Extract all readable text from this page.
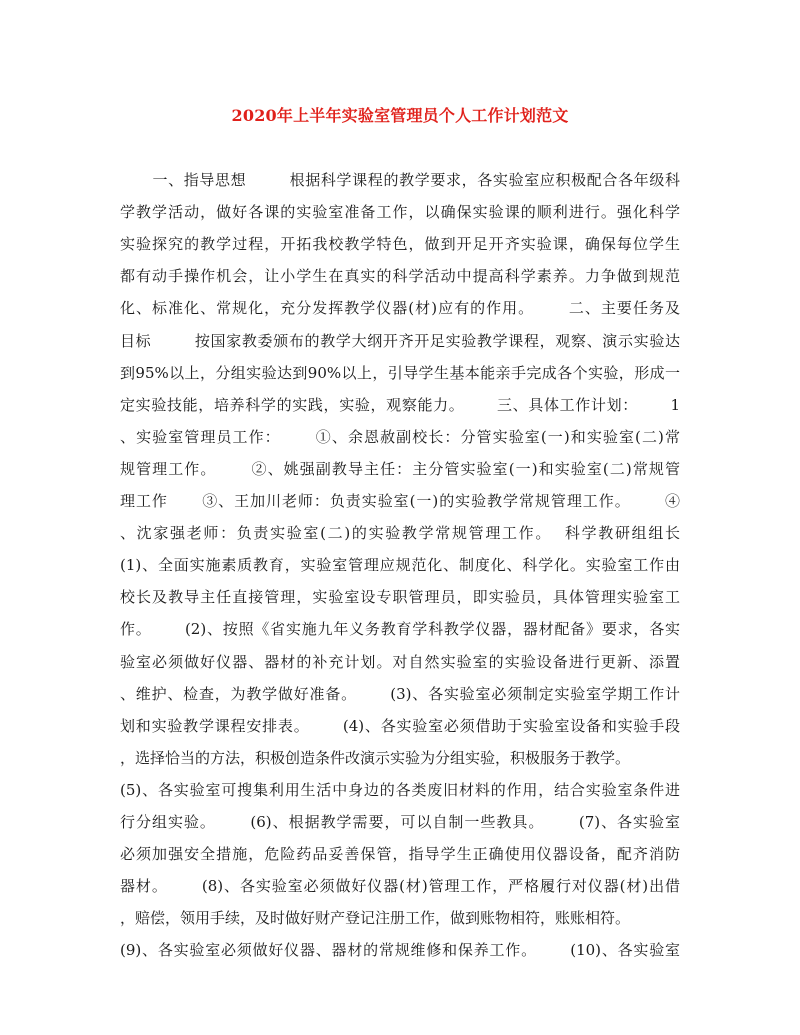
2020年上半年实验室管理员个人工作计划范文
一、指导思想        根据科学课程的教学要求，各实验室应积极配合各年级科
学教学活动，做好各课的实验室准备工作，以确保实验课的顺利进行。强化科学
实验探究的教学过程，开拓我校教学特色，做到开足开齐实验课，确保每位学生
都有动手操作机会，让小学生在真实的科学活动中提高科学素养。力争做到规范
化、标准化、常规化，充分发挥教学仪器(材)应有的作用。      二、主要任务及
目标        按国家教委颁布的教学大纲开齐开足实验教学课程，观察、演示实验达
到95%以上，分组实验达到90%以上，引导学生基本能亲手完成各个实验，形成一
定实验技能，培养科学的实践，实验，观察能力。      三、具体工作计划：      1
、实验室管理员工作：      ①、余恩赦副校长：分管实验室(一)和实验室(二)常
规管理工作。      ②、姚强副教导主任：主分管实验室(一)和实验室(二)常规管
理工作      ③、王加川老师：负责实验室(一)的实验教学常规管理工作。      ④
、沈家强老师：负责实验室(二)的实验教学常规管理工作。  科学教研组组长
(1)、全面实施素质教育，实验室管理应规范化、制度化、科学化。实验室工作由
校长及教导主任直接管理，实验室设专职管理员，即实验员，具体管理实验室工
作。      (2)、按照《省实施九年义务教育学科教学仪器，器材配备》要求，各实
验室必须做好仪器、器材的补充计划。对自然实验室的实验设备进行更新、添置
、维护、检查，为教学做好准备。      (3)、各实验室必须制定实验室学期工作计
划和实验教学课程安排表。      (4)、各实验室必须借助于实验室设备和实验手段
，选择恰当的方法，积极创造条件改演示实验为分组实验，积极服务于教学。
(5)、各实验室可搜集利用生活中身边的各类废旧材料的作用，结合实验室条件进
行分组实验。      (6)、根据教学需要，可以自制一些教具。      (7)、各实验室
必须加强安全措施，危险药品妥善保管，指导学生正确使用仪器设备，配齐消防
器材。      (8)、各实验室必须做好仪器(材)管理工作，严格履行对仪器(材)出借
，赔偿，领用手续，及时做好财产登记注册工作，做到账物相符，账账相符。
(9)、各实验室必须做好仪器、器材的常规维修和保养工作。      (10)、各实验室
